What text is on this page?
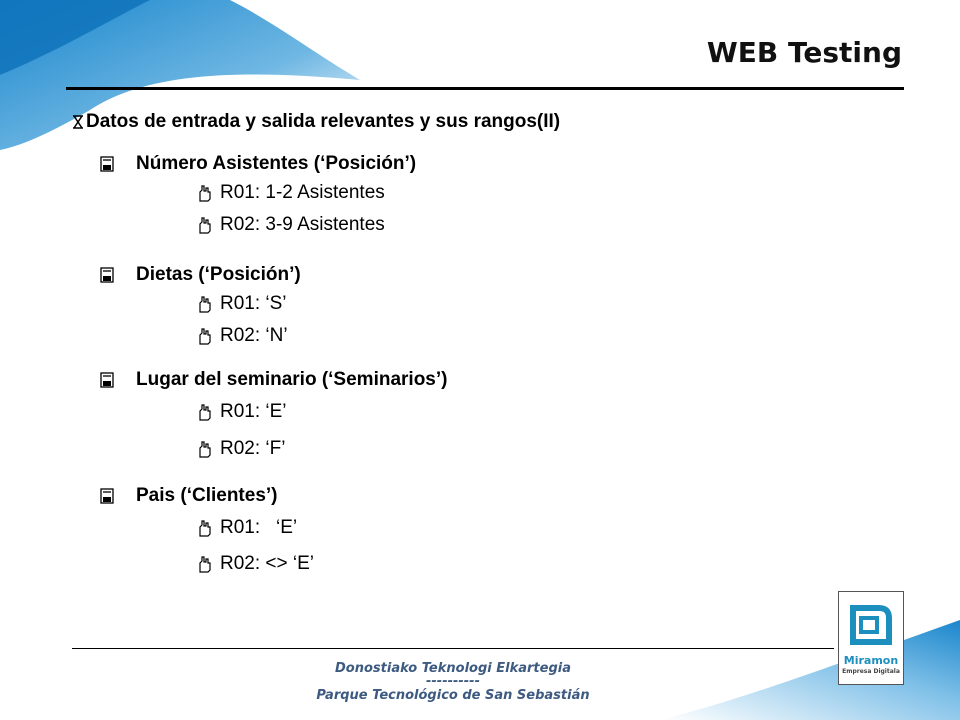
WEB Testing
Datos de entrada y salida relevantes y sus rangos(II)
Número Asistentes (‘Posición’)
R01: 1-2 Asistentes
R02: 3-9 Asistentes
Dietas (‘Posición’)
R01: ‘S’
R02: ‘N’
Lugar del seminario (‘Seminarios’)
R01: ‘E’
R02: ‘F’
Pais (‘Clientes’)
R01:   ‘E’
R02: <> ‘E’
Donostiako Teknologi Elkartegia
----------
Parque Tecnológico de San Sebastián
Miramon
Empresa Digitala
